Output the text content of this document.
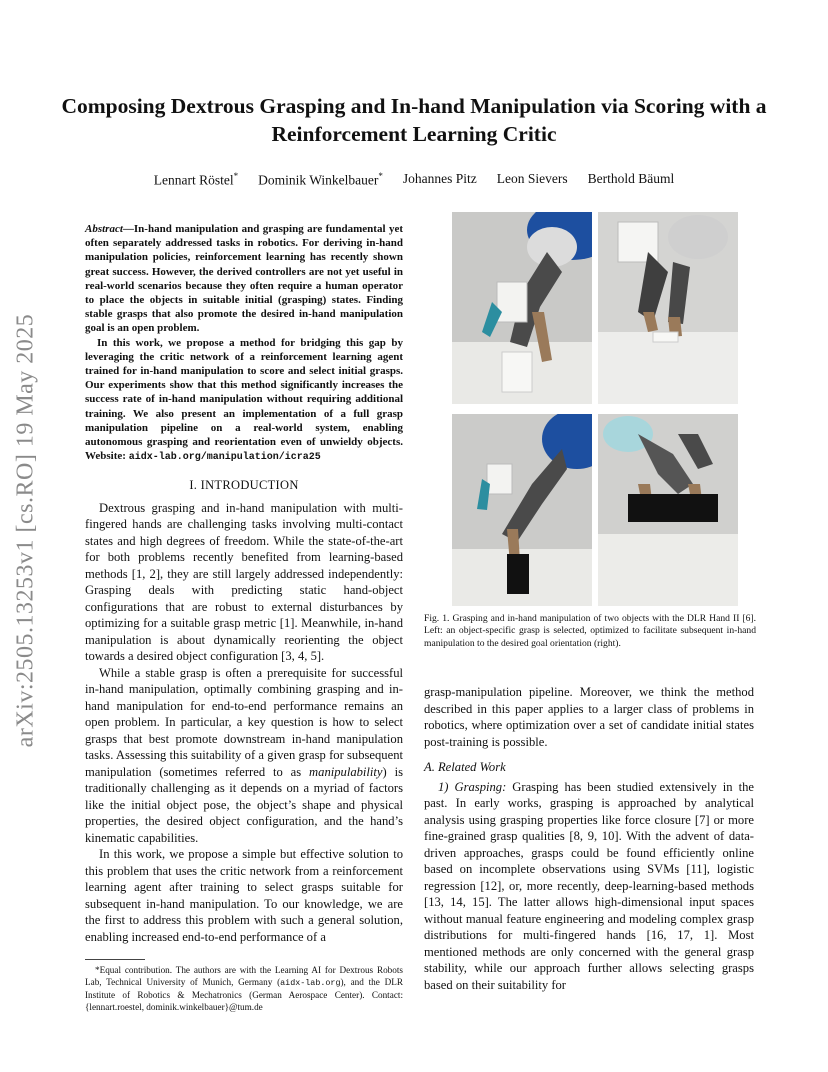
arXiv:2505.13253v1 [cs.RO] 19 May 2025
Composing Dextrous Grasping and In-hand Manipulation via Scoring with a Reinforcement Learning Critic
Lennart Röstel* Dominik Winkelbauer* Johannes Pitz Leon Sievers Berthold Bäuml

Abstract—In-hand manipulation and grasping are fundamental yet often separately addressed tasks in robotics. For deriving in-hand manipulation policies, reinforcement learning has recently shown great success. However, the derived controllers are not yet useful in real-world scenarios because they often require a human operator to place the objects in suitable initial (grasping) states. Finding stable grasps that also promote the desired in-hand manipulation goal is an open problem.

In this work, we propose a method for bridging this gap by leveraging the critic network of a reinforcement learning agent trained for in-hand manipulation to score and select initial grasps. Our experiments show that this method significantly increases the success rate of in-hand manipulation without requiring additional training. We also present an implementation of a full grasp manipulation pipeline on a real-world system, enabling autonomous grasping and reorientation even of unwieldy objects. Website: aidx-lab.org/manipulation/icra25

I. INTRODUCTION

Dextrous grasping and in-hand manipulation with multi-fingered hands are challenging tasks involving multi-contact states and high degrees of freedom. While the state-of-the-art for both problems recently benefited from learning-based methods [1, 2], they are still largely addressed independently: Grasping deals with predicting static hand-object configurations that are robust to external disturbances by optimizing for a suitable grasp metric [1]. Meanwhile, in-hand manipulation is about dynamically reorienting the object towards a desired object configuration [3, 4, 5].

While a stable grasp is often a prerequisite for successful in-hand manipulation, optimally combining grasping and in-hand manipulation for end-to-end performance remains an open problem. In particular, a key question is how to select grasps that best promote downstream in-hand manipulation tasks. Assessing this suitability of a given grasp for subsequent manipulation (sometimes referred to as manipulability) is traditionally challenging as it depends on a myriad of factors like the initial object pose, the object’s shape and physical properties, the desired object configuration, and the hand’s kinematic capabilities.

In this work, we propose a simple but effective solution to this problem that uses the critic network from a reinforcement learning agent after training to select grasps suitable for subsequent in-hand manipulation. To our knowledge, we are the first to address this problem with such a general solution, enabling increased end-to-end performance of a

*Equal contribution. The authors are with the Learning AI for Dextrous Robots Lab, Technical University of Munich, Germany (aidx-lab.org), and the DLR Institute of Robotics & Mechatronics (German Aerospace Center). Contact: {lennart.roestel, dominik.winkelbauer}@tum.de

Fig. 1. Grasping and in-hand manipulation of two objects with the DLR Hand II [6]. Left: an object-specific grasp is selected, optimized to facilitate subsequent in-hand manipulation to the desired goal orientation (right).

grasp-manipulation pipeline. Moreover, we think the method described in this paper applies to a larger class of problems in robotics, where optimization over a set of candidate initial states post-training is possible.

A. Related Work

1) Grasping: Grasping has been studied extensively in the past. In early works, grasping is approached by analytical analysis using grasping properties like force closure [7] or more fine-grained grasp qualities [8, 9, 10]. With the advent of data-driven approaches, grasps could be found efficiently online based on incomplete observations using SVMs [11], logistic regression [12], or, more recently, deep-learning-based methods [13, 14, 15]. The latter allows high-dimensional input spaces without manual feature engineering and modeling complex grasp distributions for multi-fingered hands [16, 17, 1]. Most mentioned methods are only concerned with the general grasp stability, while our approach further allows selecting grasps based on their suitability for
